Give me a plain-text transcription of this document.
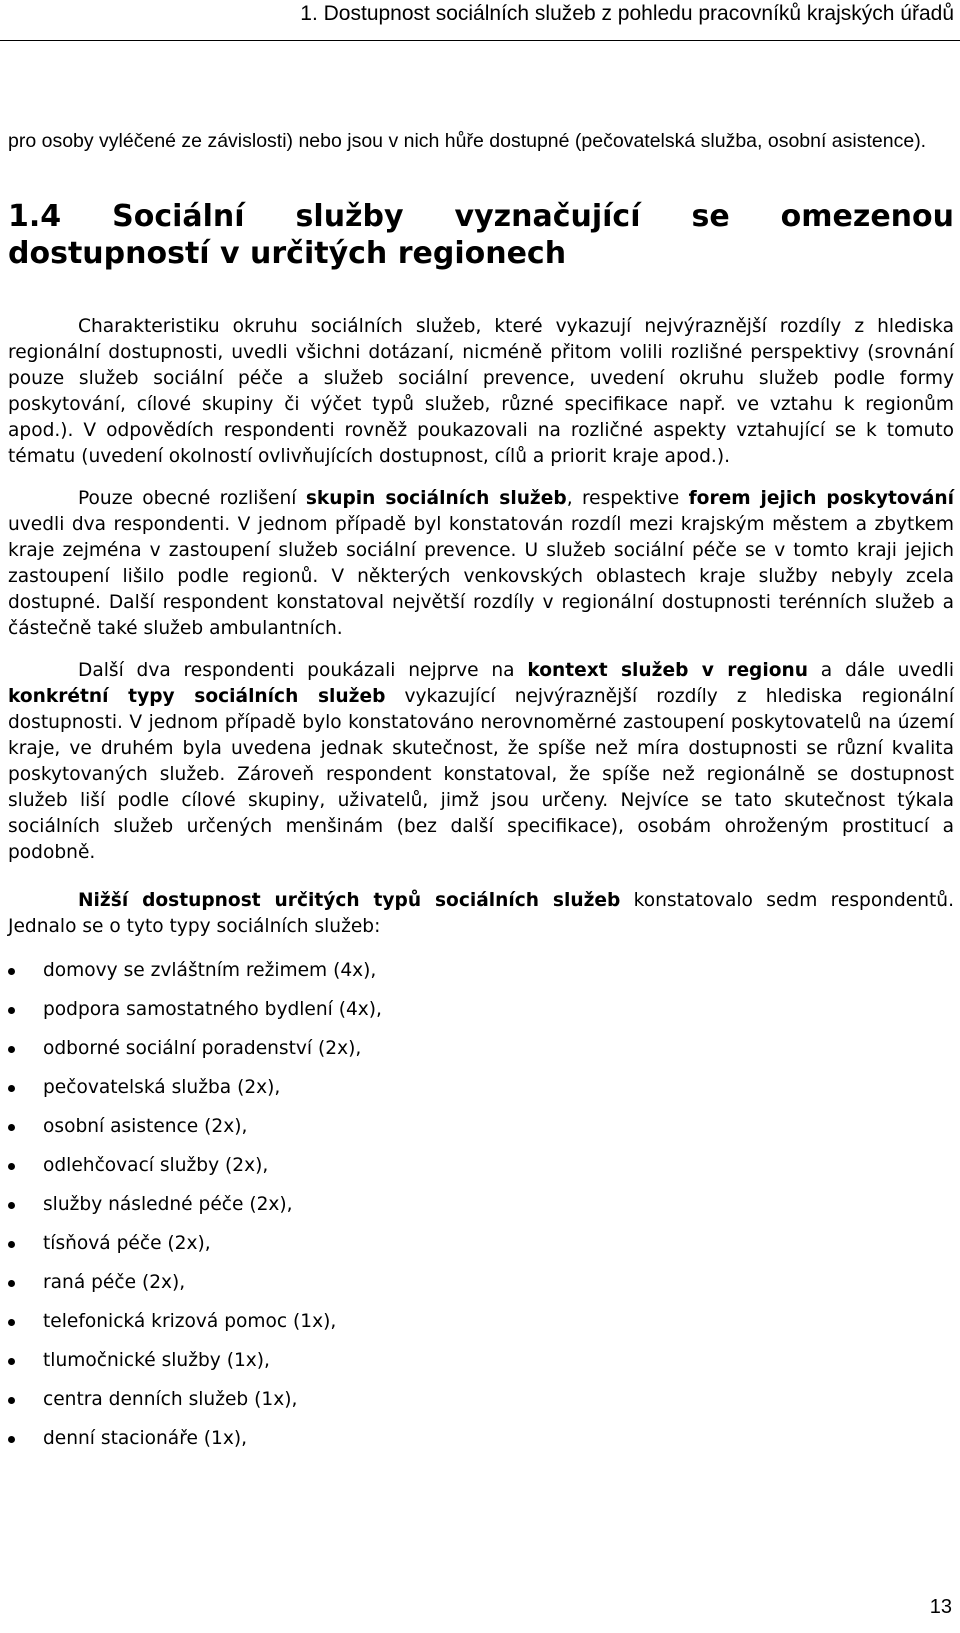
1. Dostupnost sociálních služeb z pohledu pracovníků krajských úřadů

pro osoby vyléčené ze závislosti) nebo jsou v nich hůře dostupné (pečovatelská služba, osobní asistence).

1.4 Sociální služby vyznačující se omezenou dostupností v určitých regionech

Charakteristiku okruhu sociálních služeb, které vykazují nejvýraznější rozdíly z hlediska regionální dostupnosti, uvedli všichni dotázaní, nicméně přitom volili rozlišné perspektivy (srovnání pouze služeb sociální péče a služeb sociální prevence, uvedení okruhu služeb podle formy poskytování, cílové skupiny či výčet typů služeb, různé specifikace např. ve vztahu k regionům apod.). V odpovědích respondenti rovněž poukazovali na rozličné aspekty vztahující se k tomuto tématu (uvedení okolností ovlivňujících dostupnost, cílů a priorit kraje apod.).

Pouze obecné rozlišení skupin sociálních služeb, respektive forem jejich poskytování uvedli dva respondenti. V jednom případě byl konstatován rozdíl mezi krajským městem a zbytkem kraje zejména v zastoupení služeb sociální prevence. U služeb sociální péče se v tomto kraji jejich zastoupení lišilo podle regionů. V některých venkovských oblastech kraje služby nebyly zcela dostupné. Další respondent konstatoval největší rozdíly v regionální dostupnosti terénních služeb a částečně také služeb ambulantních.

Další dva respondenti poukázali nejprve na kontext služeb v regionu a dále uvedli konkrétní typy sociálních služeb vykazující nejvýraznější rozdíly z hlediska regionální dostupnosti. V jednom případě bylo konstatováno nerovnoměrné zastoupení poskytovatelů na území kraje, ve druhém byla uvedena jednak skutečnost, že spíše než míra dostupnosti se různí kvalita poskytovaných služeb. Zároveň respondent konstatoval, že spíše než regionálně se dostupnost služeb liší podle cílové skupiny, uživatelů, jimž jsou určeny. Nejvíce se tato skutečnost týkala sociálních služeb určených menšinám (bez další specifikace), osobám ohroženým prostitucí a podobně.

Nižší dostupnost určitých typů sociálních služeb konstatovalo sedm respondentů. Jednalo se o tyto typy sociálních služeb:

domovy se zvláštním režimem (4x),
podpora samostatného bydlení (4x),
odborné sociální poradenství (2x),
pečovatelská služba (2x),
osobní asistence (2x),
odlehčovací služby (2x),
služby následné péče (2x),
tísňová péče (2x),
raná péče (2x),
telefonická krizová pomoc (1x),
tlumočnické služby (1x),
centra denních služeb (1x),
denní stacionáře (1x),
13
